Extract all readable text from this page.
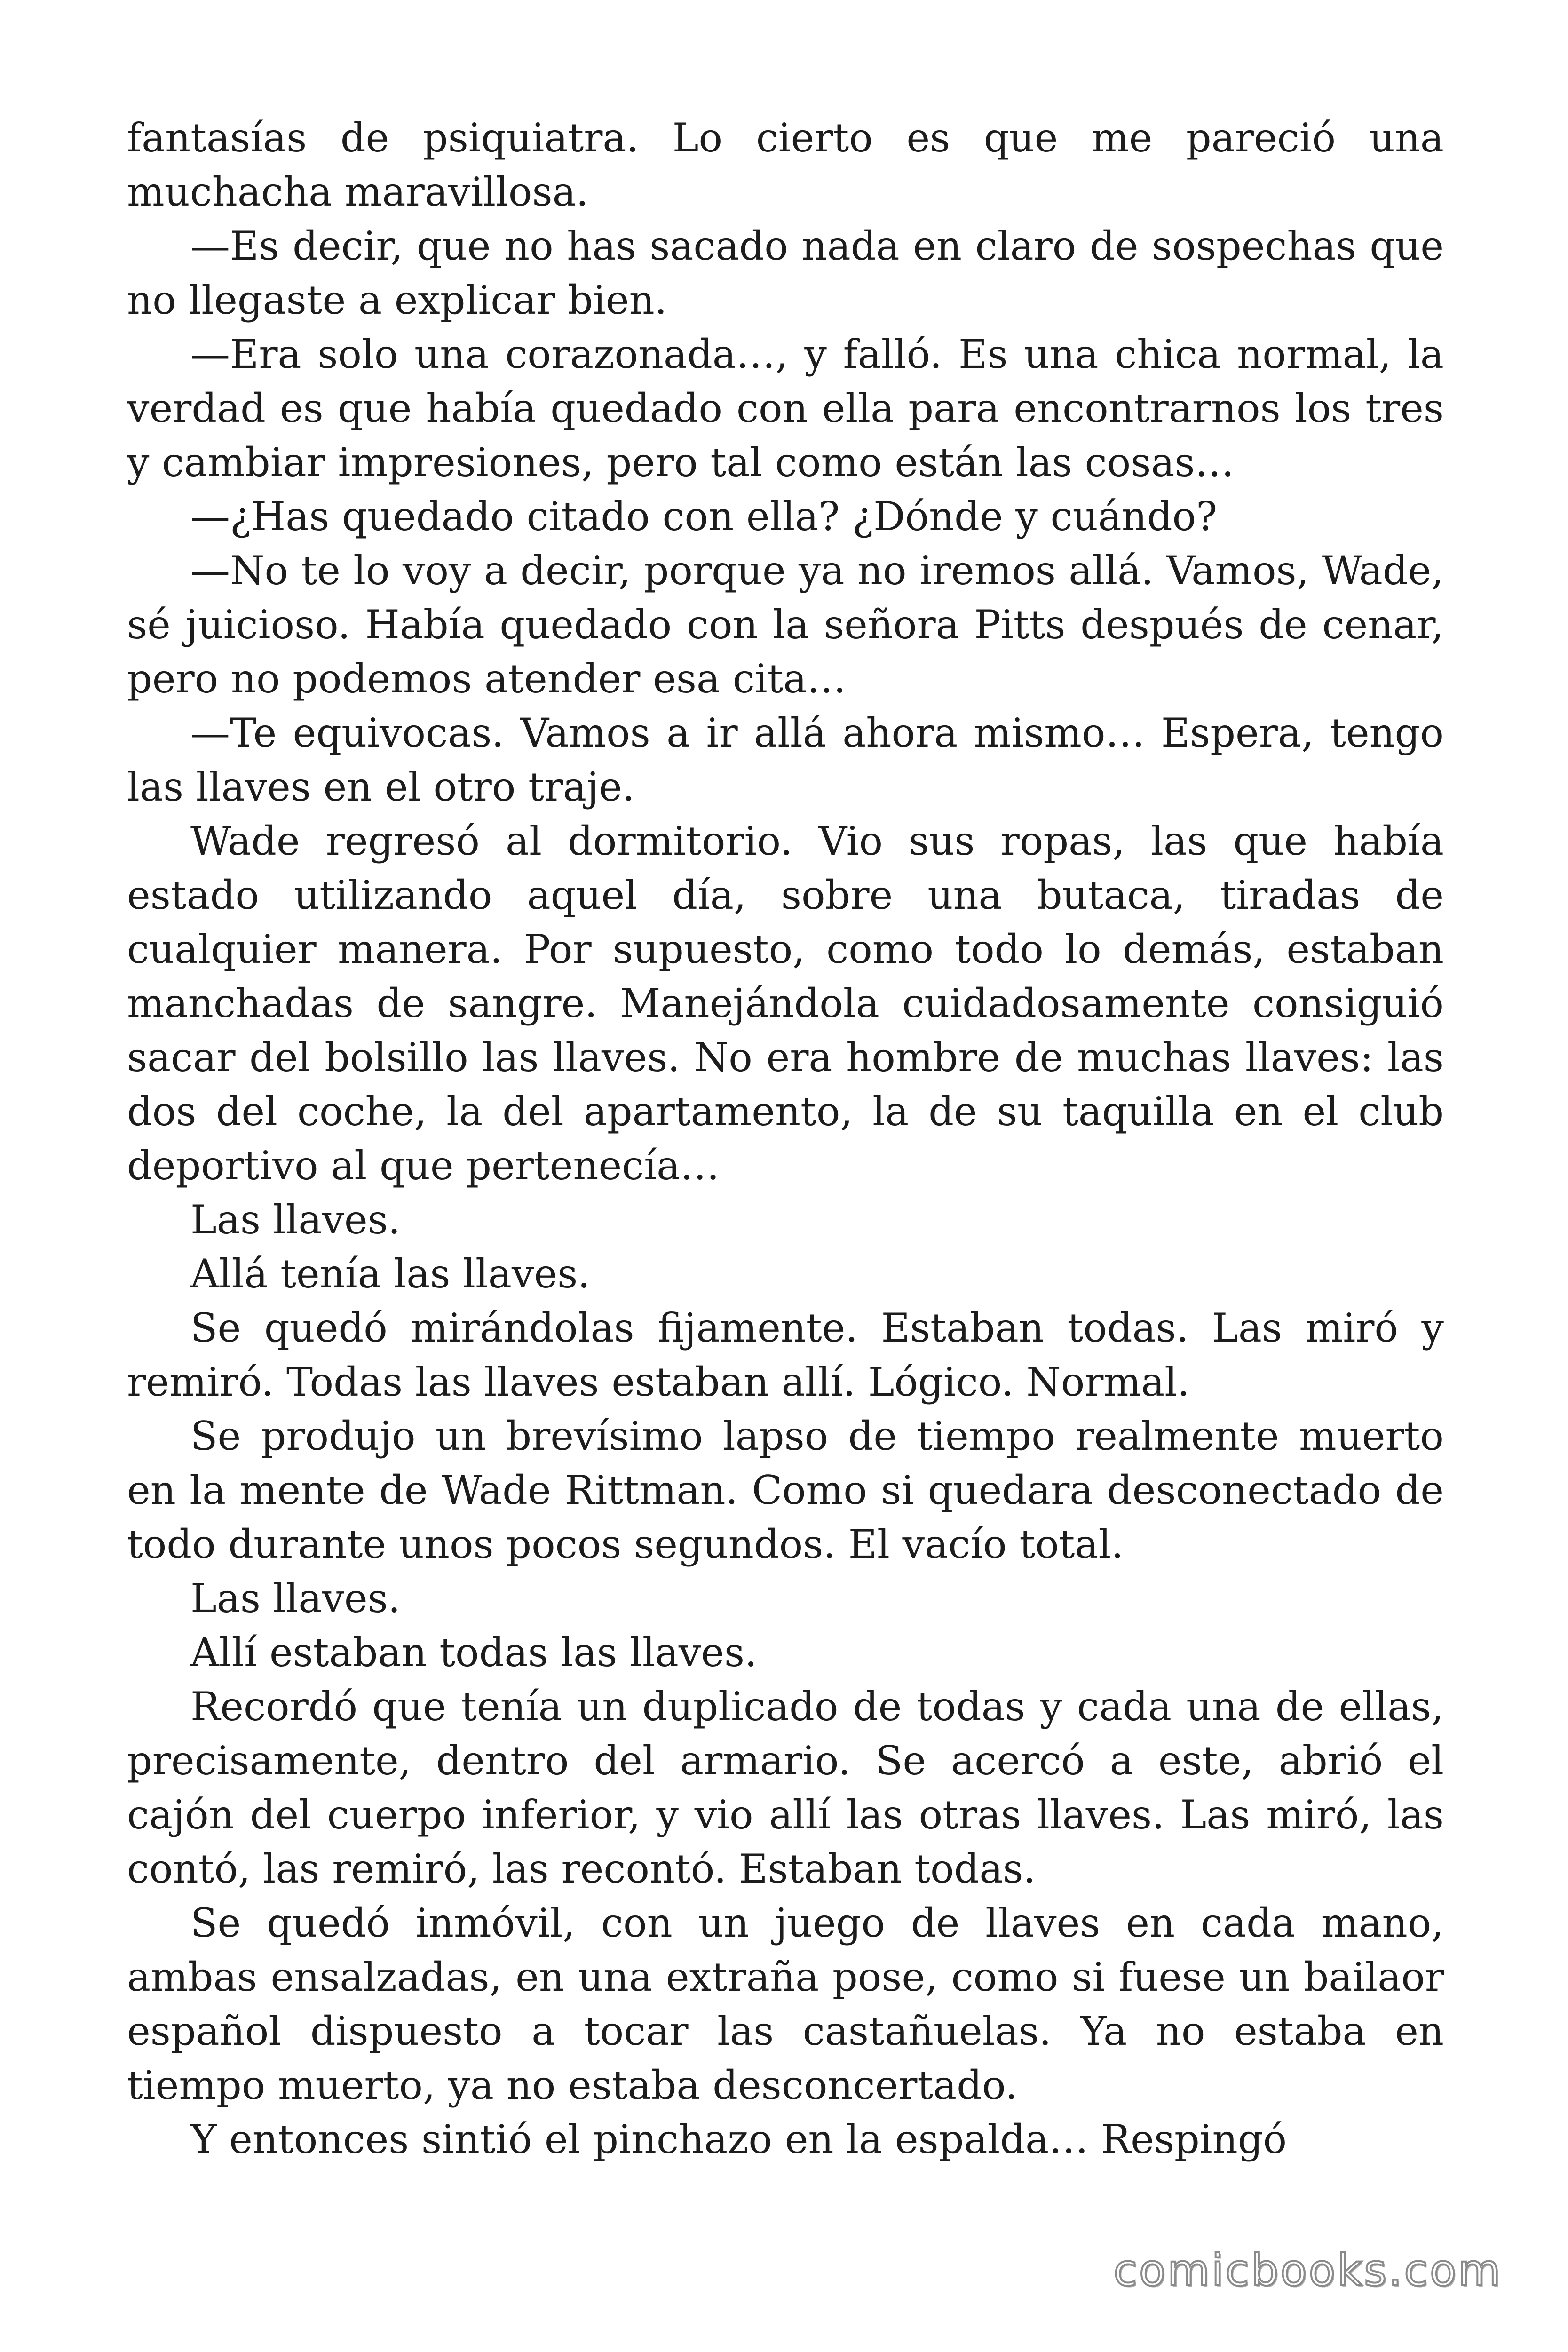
fantasías de psiquiatra. Lo cierto es que me pareció una muchacha maravillosa.

—Es decir, que no has sacado nada en claro de sospechas que no llegaste a explicar bien.

—Era solo una corazonada…, y falló. Es una chica normal, la verdad es que había quedado con ella para encontrarnos los tres y cambiar impresiones, pero tal como están las cosas…

—¿Has quedado citado con ella? ¿Dónde y cuándo?

—No te lo voy a decir, porque ya no iremos allá. Vamos, Wade, sé juicioso. Había quedado con la señora Pitts después de cenar, pero no podemos atender esa cita…

—Te equivocas. Vamos a ir allá ahora mismo… Espera, tengo las llaves en el otro traje.

Wade regresó al dormitorio. Vio sus ropas, las que había estado utilizando aquel día, sobre una butaca, tiradas de cualquier manera. Por supuesto, como todo lo demás, estaban manchadas de sangre. Manejándola cuidadosamente consiguió sacar del bolsillo las llaves. No era hombre de muchas llaves: las dos del coche, la del apartamento, la de su taquilla en el club deportivo al que pertenecía…

Las llaves.

Allá tenía las llaves.

Se quedó mirándolas fijamente. Estaban todas. Las miró y remiró. Todas las llaves estaban allí. Lógico. Normal.

Se produjo un brevísimo lapso de tiempo realmente muerto en la mente de Wade Rittman. Como si quedara desconectado de todo durante unos pocos segundos. El vacío total.

Las llaves.

Allí estaban todas las llaves.

Recordó que tenía un duplicado de todas y cada una de ellas, precisamente, dentro del armario. Se acercó a este, abrió el cajón del cuerpo inferior, y vio allí las otras llaves. Las miró, las contó, las remiró, las recontó. Estaban todas.

Se quedó inmóvil, con un juego de llaves en cada mano, ambas ensalzadas, en una extraña pose, como si fuese un bailaor español dispuesto a tocar las castañuelas. Ya no estaba en tiempo muerto, ya no estaba desconcertado.

Y entonces sintió el pinchazo en la espalda… Respingó

comicbooks.com
